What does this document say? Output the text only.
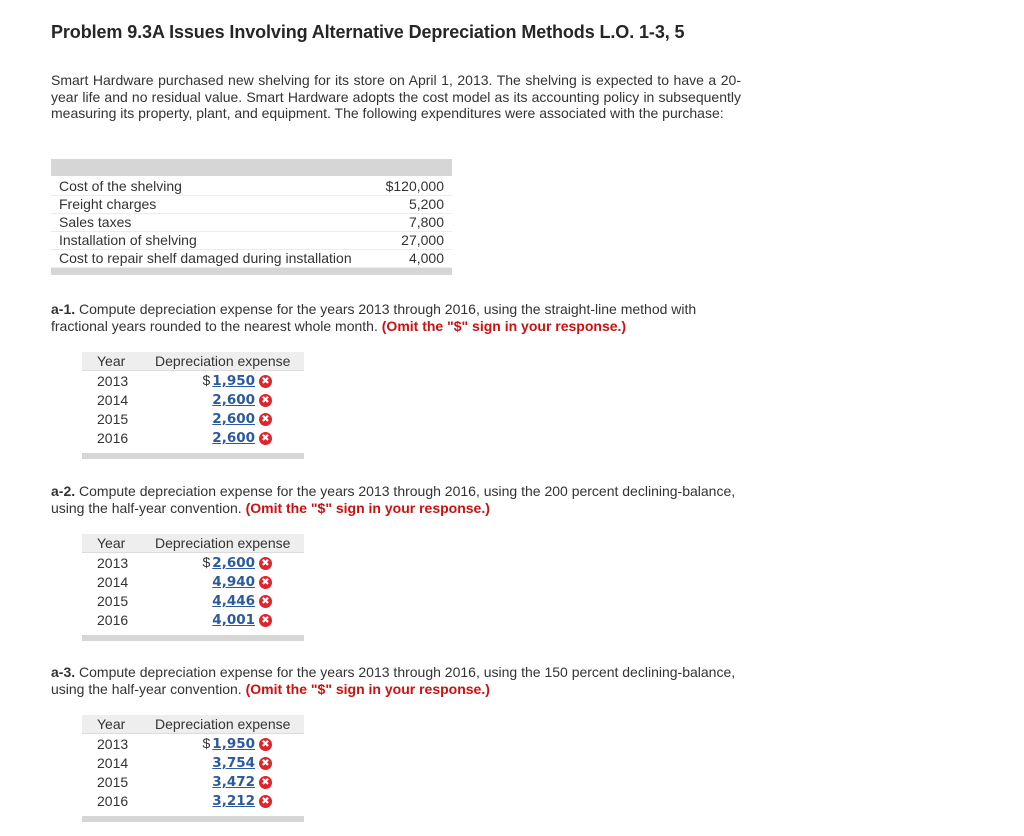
Problem 9.3A Issues Involving Alternative Depreciation Methods L.O. 1-3, 5
Smart Hardware purchased new shelving for its store on April 1, 2013. The shelving is expected to have a 20-year life and no residual value. Smart Hardware adopts the cost model as its accounting policy in subsequently measuring its property, plant, and equipment. The following expenditures were associated with the purchase:

Cost of the shelving	$120,000
Freight charges	5,200
Sales taxes	7,800
Installation of shelving	27,000
Cost to repair shelf damaged during installation	4,000

a-1. Compute depreciation expense for the years 2013 through 2016, using the straight-line method with fractional years rounded to the nearest whole month. (Omit the "$" sign in your response.)
Year	Depreciation expense
2013	$ 1,950 ✖
2014	2,600 ✖
2015	2,600 ✖
2016	2,600 ✖

a-2. Compute depreciation expense for the years 2013 through 2016, using the 200 percent declining-balance, using the half-year convention. (Omit the "$" sign in your response.)
Year	Depreciation expense
2013	$ 2,600 ✖
2014	4,940 ✖
2015	4,446 ✖
2016	4,001 ✖

a-3. Compute depreciation expense for the years 2013 through 2016, using the 150 percent declining-balance, using the half-year convention. (Omit the "$" sign in your response.)
Year	Depreciation expense
2013	$ 1,950 ✖
2014	3,754 ✖
2015	3,472 ✖
2016	3,212 ✖
